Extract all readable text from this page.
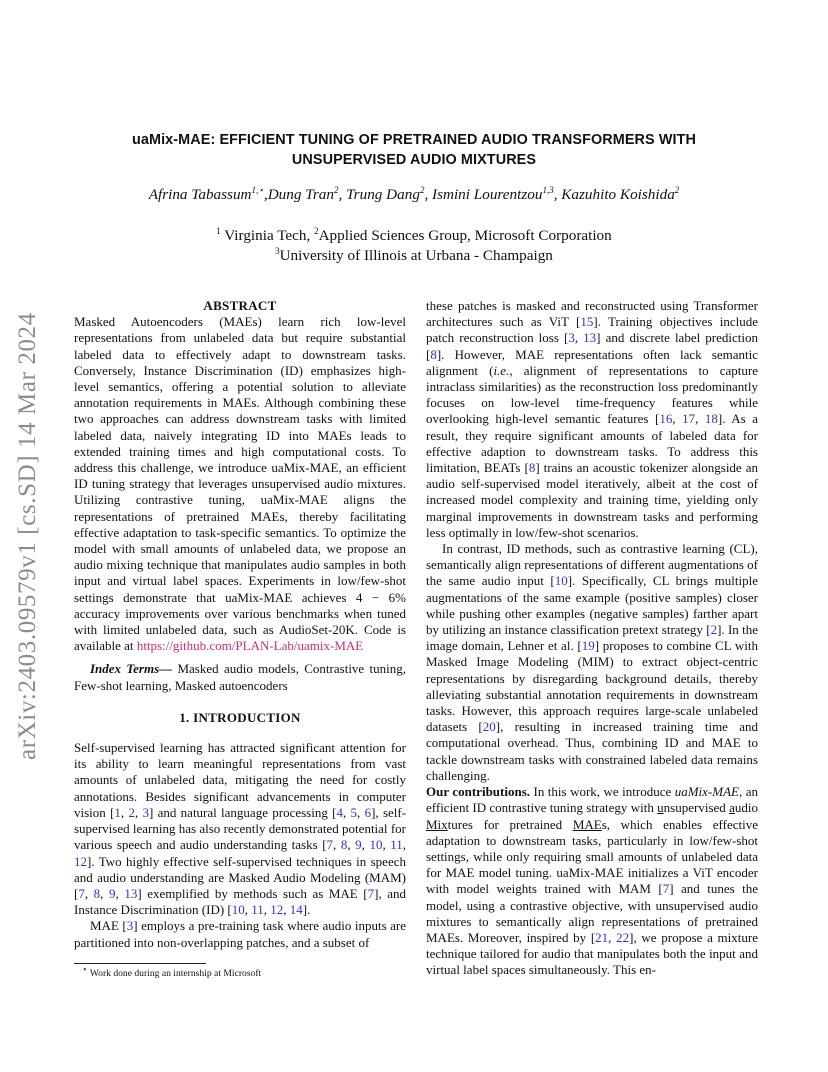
arXiv:2403.09579v1 [cs.SD] 14 Mar 2024
uaMix-MAE: EFFICIENT TUNING OF PRETRAINED AUDIO TRANSFORMERS WITH
UNSUPERVISED AUDIO MIXTURES
Afrina Tabassum$^{1,⋆}$,Dung Tran$^2$, Trung Dang$^2$, Ismini Lourentzou$^{1,3}$, Kazuhito Koishida$^2$
$^1$ Virginia Tech, $^2$Applied Sciences Group, Microsoft Corporation
$^3$University of Illinois at Urbana - Champaign

ABSTRACT

Masked Autoencoders (MAEs) learn rich low-level representations from unlabeled data but require substantial labeled data to effectively adapt to downstream tasks. Conversely, Instance Discrimination (ID) emphasizes high-level semantics, offering a potential solution to alleviate annotation requirements in MAEs. Although combining these two approaches can address downstream tasks with limited labeled data, naively integrating ID into MAEs leads to extended training times and high computational costs. To address this challenge, we introduce uaMix-MAE, an efficient ID tuning strategy that leverages unsupervised audio mixtures. Utilizing contrastive tuning, uaMix-MAE aligns the representations of pretrained MAEs, thereby facilitating effective adaptation to task-specific semantics. To optimize the model with small amounts of unlabeled data, we propose an audio mixing technique that manipulates audio samples in both input and virtual label spaces. Experiments in low/few-shot settings demonstrate that uaMix-MAE achieves 4 − 6% accuracy improvements over various benchmarks when tuned with limited unlabeled data, such as AudioSet-20K. Code is available at https://github.com/PLAN-Lab/uamix-MAE

Index Terms— Masked audio models, Contrastive tuning, Few-shot learning, Masked autoencoders

1. INTRODUCTION

Self-supervised learning has attracted significant attention for its ability to learn meaningful representations from vast amounts of unlabeled data, mitigating the need for costly annotations. Besides significant advancements in computer vision [1, 2, 3] and natural language processing [4, 5, 6], self-supervised learning has also recently demonstrated potential for various speech and audio understanding tasks [7, 8, 9, 10, 11, 12]. Two highly effective self-supervised techniques in speech and audio understanding are Masked Audio Modeling (MAM) [7, 8, 9, 13] exemplified by methods such as MAE [7], and Instance Discrimination (ID) [10, 11, 12, 14].

MAE [3] employs a pre-training task where audio inputs are partitioned into non-overlapping patches, and a subset of

these patches is masked and reconstructed using Transformer architectures such as ViT [15]. Training objectives include patch reconstruction loss [3, 13] and discrete label prediction [8]. However, MAE representations often lack semantic alignment (i.e., alignment of representations to capture intraclass similarities) as the reconstruction loss predominantly focuses on low-level time-frequency features while overlooking high-level semantic features [16, 17, 18]. As a result, they require significant amounts of labeled data for effective adaption to downstream tasks. To address this limitation, BEATs [8] trains an acoustic tokenizer alongside an audio self-supervised model iteratively, albeit at the cost of increased model complexity and training time, yielding only marginal improvements in downstream tasks and performing less optimally in low/few-shot scenarios.

In contrast, ID methods, such as contrastive learning (CL), semantically align representations of different augmentations of the same audio input [10]. Specifically, CL brings multiple augmentations of the same example (positive samples) closer while pushing other examples (negative samples) farther apart by utilizing an instance classification pretext strategy [2]. In the image domain, Lehner et al. [19] proposes to combine CL with Masked Image Modeling (MIM) to extract object-centric representations by disregarding background details, thereby alleviating substantial annotation requirements in downstream tasks. However, this approach requires large-scale unlabeled datasets [20], resulting in increased training time and computational overhead. Thus, combining ID and MAE to tackle downstream tasks with constrained labeled data remains challenging.

Our contributions. In this work, we introduce uaMix-MAE, an efficient ID contrastive tuning strategy with unsupervised audio Mixtures for pretrained MAEs, which enables effective adaptation to downstream tasks, particularly in low/few-shot settings, while only requiring small amounts of unlabeled data for MAE model tuning. uaMix-MAE initializes a ViT encoder with model weights trained with MAM [7] and tunes the model, using a contrastive objective, with unsupervised audio mixtures to semantically align representations of pretrained MAEs. Moreover, inspired by [21, 22], we propose a mixture technique tailored for audio that manipulates both the input and virtual label spaces simultaneously. This en-

⋆ Work done during an internship at Microsoft
